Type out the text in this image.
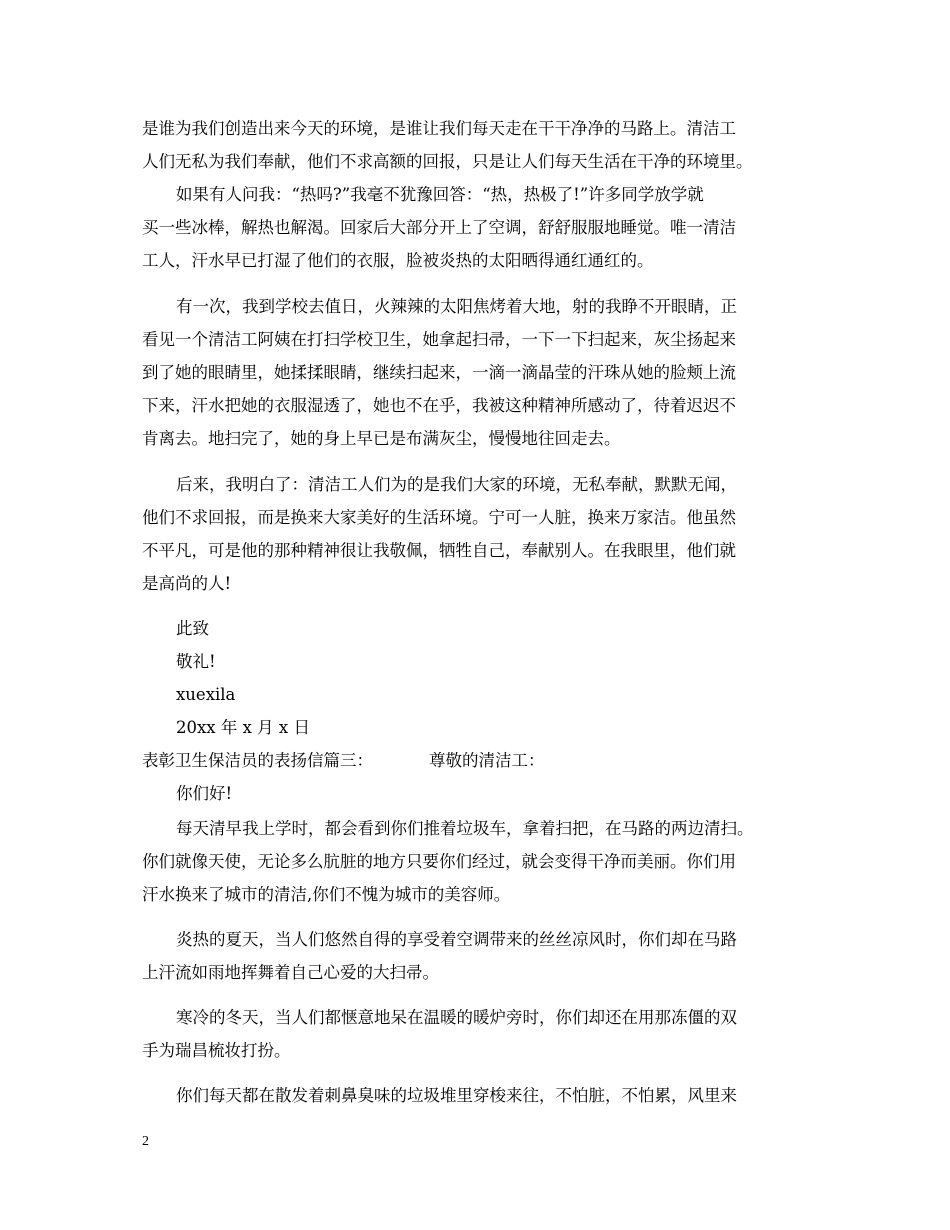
是谁为我们创造出来今天的环境，是谁让我们每天走在干干净净的马路上。清洁工
人们无私为我们奉献，他们不求高额的回报，只是让人们每天生活在干净的环境里。
如果有人问我：“热吗?”我毫不犹豫回答：“热，热极了!”许多同学放学就
买一些冰棒，解热也解渴。回家后大部分开上了空调，舒舒服服地睡觉。唯一清洁
工人，汗水早已打湿了他们的衣服，脸被炎热的太阳晒得通红通红的。
有一次，我到学校去值日，火辣辣的太阳焦烤着大地，射的我睁不开眼睛，正
看见一个清洁工阿姨在打扫学校卫生，她拿起扫帚，一下一下扫起来，灰尘扬起来
到了她的眼睛里，她揉揉眼睛，继续扫起来，一滴一滴晶莹的汗珠从她的脸颊上流
下来，汗水把她的衣服湿透了，她也不在乎，我被这种精神所感动了，待着迟迟不
肯离去。地扫完了，她的身上早已是布满灰尘，慢慢地往回走去。
后来，我明白了：清洁工人们为的是我们大家的环境，无私奉献，默默无闻，
他们不求回报，而是换来大家美好的生活环境。宁可一人脏，换来万家洁。他虽然
不平凡，可是他的那种精神很让我敬佩，牺牲自己，奉献别人。在我眼里，他们就
是高尚的人!
此致
敬礼!
xuexila
20xx 年 x 月 x 日
表彰卫生保洁员的表扬信篇三：	尊敬的清洁工：
你们好!
每天清早我上学时，都会看到你们推着垃圾车，拿着扫把，在马路的两边清扫。
你们就像天使，无论多么肮脏的地方只要你们经过，就会变得干净而美丽。你们用
汗水换来了城市的清洁,你们不愧为城市的美容师。
炎热的夏天，当人们悠然自得的享受着空调带来的丝丝凉风时，你们却在马路
上汗流如雨地挥舞着自己心爱的大扫帚。
寒冷的冬天，当人们都惬意地呆在温暖的暖炉旁时，你们却还在用那冻僵的双
手为瑞昌梳妆打扮。
你们每天都在散发着刺鼻臭味的垃圾堆里穿梭来往，不怕脏，不怕累，风里来
2
